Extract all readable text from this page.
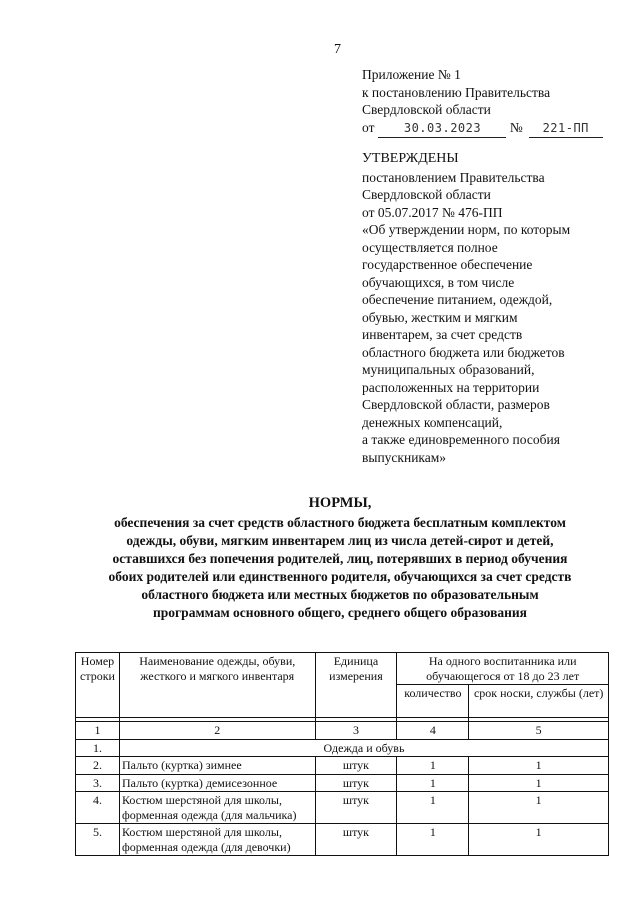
7
Приложение № 1
к постановлению Правительства
Свердловской области
от 30.03.2023 № 221-ПП
УТВЕРЖДЕНЫ
постановлением Правительства
Свердловской области
от 05.07.2017 № 476-ПП
«Об утверждении норм, по которым
осуществляется полное
государственное обеспечение
обучающихся, в том числе
обеспечение питанием, одеждой,
обувью, жестким и мягким
инвентарем, за счет средств
областного бюджета или бюджетов
муниципальных образований,
расположенных на территории
Свердловской области, размеров
денежных компенсаций,
а также единовременного пособия
выпускникам»
НОРМЫ,
обеспечения за счет средств областного бюджета бесплатным комплектом
одежды, обуви, мягким инвентарем лиц из числа детей-сирот и детей,
оставшихся без попечения родителей, лиц, потерявших в период обучения
обоих родителей или единственного родителя, обучающихся за счет средств
областного бюджета или местных бюджетов по образовательным
программам основного общего, среднего общего образования
Номер строки	Наименование одежды, обуви, жесткого и мягкого инвентаря	Единица измерения	На одного воспитанника или обучающегося от 18 до 23 лет	
			количество	срок носки, службы (лет)

1	2	3	4	5
1.	Одежда и обувь			
2.	Пальто (куртка) зимнее	штук	1	1
3.	Пальто (куртка) демисезонное	штук	1	1
4.	Костюм шерстяной для школы, форменная одежда (для мальчика)	штук	1	1
5.	Костюм шерстяной для школы, форменная одежда (для девочки)	штук	1	1
